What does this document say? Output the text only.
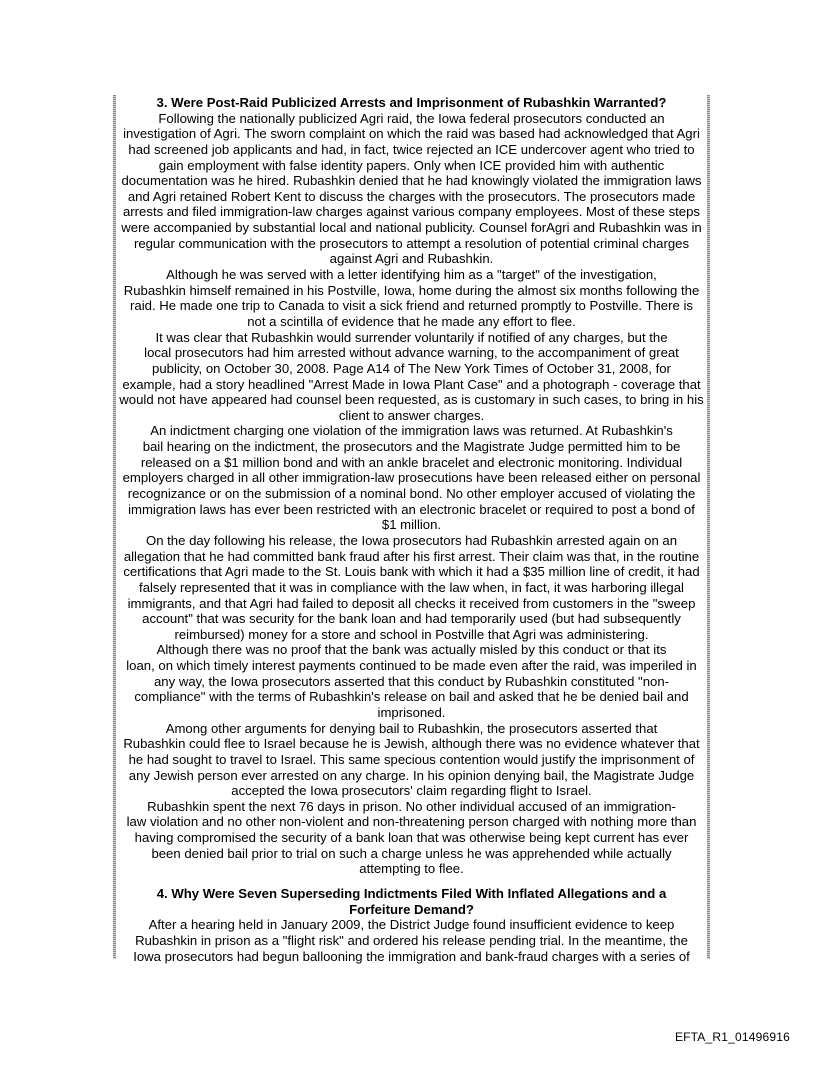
3. Were Post-Raid Publicized Arrests and Imprisonment of Rubashkin Warranted?
Following the nationally publicized Agri raid, the Iowa federal prosecutors conducted an
investigation of Agri. The sworn complaint on which the raid was based had acknowledged that Agri
had screened job applicants and had, in fact, twice rejected an ICE undercover agent who tried to
gain employment with false identity papers. Only when ICE provided him with authentic
documentation was he hired. Rubashkin denied that he had knowingly violated the immigration laws
and Agri retained Robert Kent to discuss the charges with the prosecutors. The prosecutors made
arrests and filed immigration-law charges against various company employees. Most of these steps
were accompanied by substantial local and national publicity. Counsel forAgri and Rubashkin was in
regular communication with the prosecutors to attempt a resolution of potential criminal charges
against Agri and Rubashkin.
Although he was served with a letter identifying him as a "target" of the investigation,
Rubashkin himself remained in his Postville, Iowa, home during the almost six months following the
raid. He made one trip to Canada to visit a sick friend and returned promptly to Postville. There is
not a scintilla of evidence that he made any effort to flee.
It was clear that Rubashkin would surrender voluntarily if notified of any charges, but the
local prosecutors had him arrested without advance warning, to the accompaniment of great
publicity, on October 30, 2008. Page A14 of The New York Times of October 31, 2008, for
example, had a story headlined "Arrest Made in Iowa Plant Case" and a photograph - coverage that
would not have appeared had counsel been requested, as is customary in such cases, to bring in his
client to answer charges.
An indictment charging one violation of the immigration laws was returned. At Rubashkin's
bail hearing on the indictment, the prosecutors and the Magistrate Judge permitted him to be
released on a $1 million bond and with an ankle bracelet and electronic monitoring. Individual
employers charged in all other immigration-law prosecutions have been released either on personal
recognizance or on the submission of a nominal bond. No other employer accused of violating the
immigration laws has ever been restricted with an electronic bracelet or required to post a bond of
$1 million.
On the day following his release, the Iowa prosecutors had Rubashkin arrested again on an
allegation that he had committed bank fraud after his first arrest. Their claim was that, in the routine
certifications that Agri made to the St. Louis bank with which it had a $35 million line of credit, it had
falsely represented that it was in compliance with the law when, in fact, it was harboring illegal
immigrants, and that Agri had failed to deposit all checks it received from customers in the "sweep
account" that was security for the bank loan and had temporarily used (but had subsequently
reimbursed) money for a store and school in Postville that Agri was administering.
Although there was no proof that the bank was actually misled by this conduct or that its
loan, on which timely interest payments continued to be made even after the raid, was imperiled in
any way, the Iowa prosecutors asserted that this conduct by Rubashkin constituted "non-
compliance" with the terms of Rubashkin's release on bail and asked that he be denied bail and
imprisoned.
Among other arguments for denying bail to Rubashkin, the prosecutors asserted that
Rubashkin could flee to Israel because he is Jewish, although there was no evidence whatever that
he had sought to travel to Israel. This same specious contention would justify the imprisonment of
any Jewish person ever arrested on any charge. In his opinion denying bail, the Magistrate Judge
accepted the Iowa prosecutors' claim regarding flight to Israel.
Rubashkin spent the next 76 days in prison. No other individual accused of an immigration-
law violation and no other non-violent and non-threatening person charged with nothing more than
having compromised the security of a bank loan that was otherwise being kept current has ever
been denied bail prior to trial on such a charge unless he was apprehended while actually
attempting to flee.
4. Why Were Seven Superseding Indictments Filed With Inflated Allegations and a
Forfeiture Demand?
After a hearing held in January 2009, the District Judge found insufficient evidence to keep
Rubashkin in prison as a "flight risk" and ordered his release pending trial. In the meantime, the
Iowa prosecutors had begun ballooning the immigration and bank-fraud charges with a series of
EFTA_R1_01496916
